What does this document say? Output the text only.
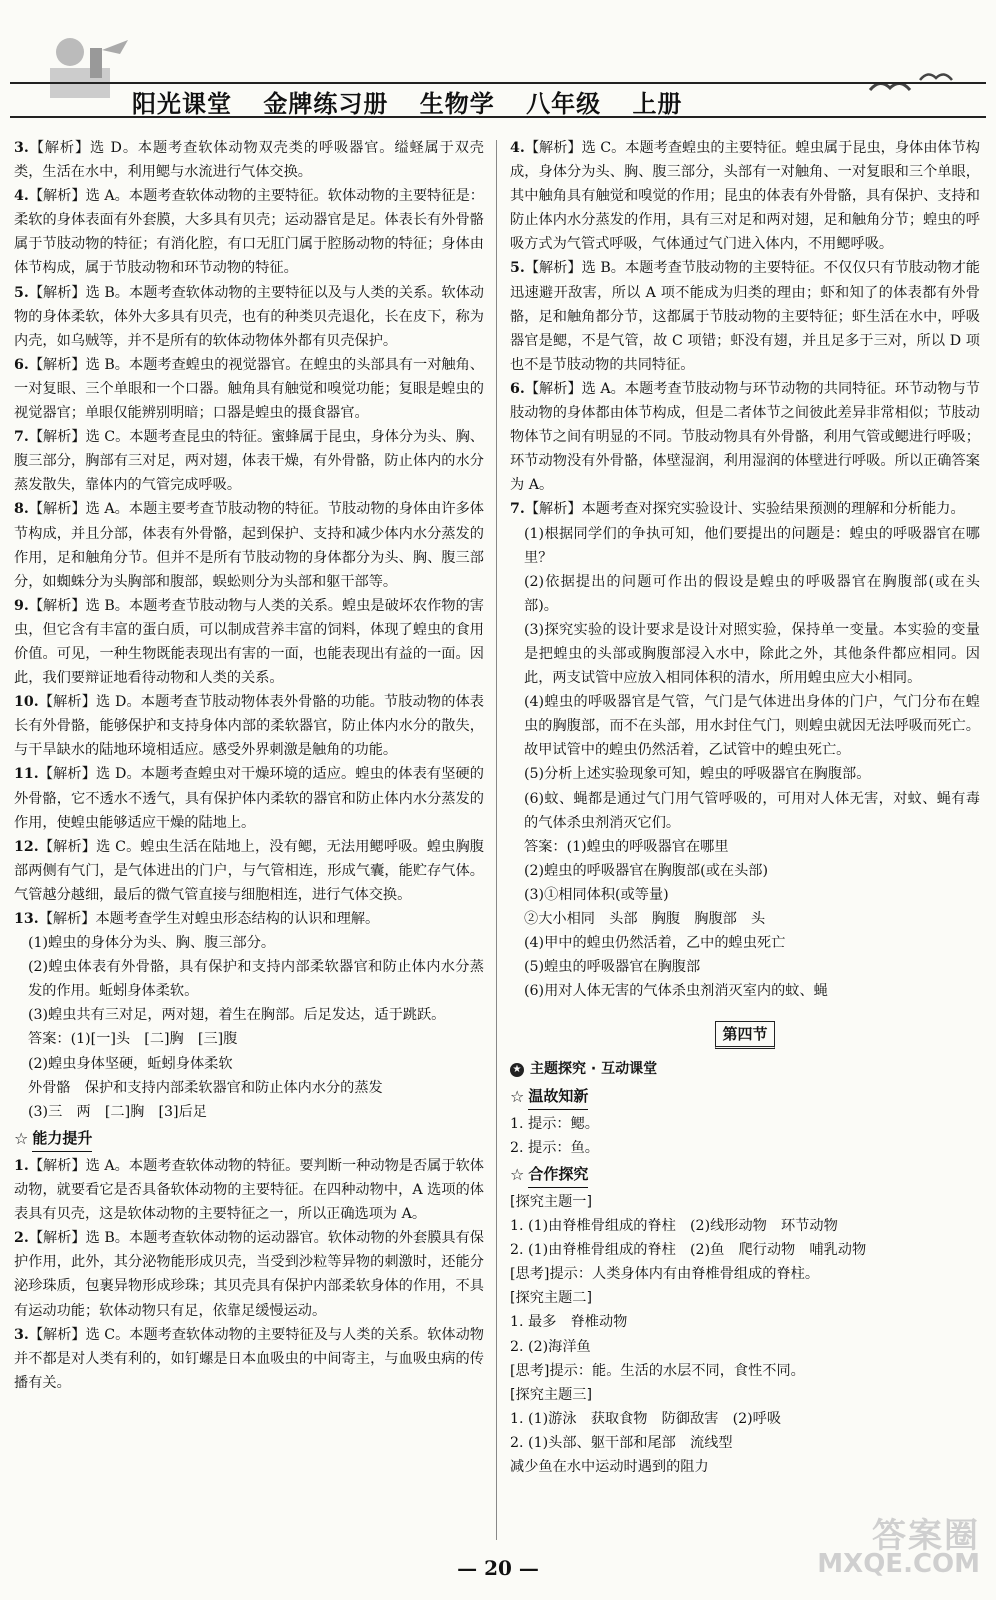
阳光课堂 金牌练习册 生物学 八年级 上册

3.【解析】选 D。本题考查软体动物双壳类的呼吸器官。缢蛏属于双壳类，生活在水中，利用鳃与水流进行气体交换。

4.【解析】选 A。本题考查软体动物的主要特征。软体动物的主要特征是：柔软的身体表面有外套膜，大多具有贝壳；运动器官是足。体表长有外骨骼属于节肢动物的特征；有消化腔，有口无肛门属于腔肠动物的特征；身体由体节构成，属于节肢动物和环节动物的特征。

5.【解析】选 B。本题考查软体动物的主要特征以及与人类的关系。软体动物的身体柔软，体外大多具有贝壳，也有的种类贝壳退化，长在皮下，称为内壳，如乌贼等，并不是所有的软体动物体外都有贝壳保护。

6.【解析】选 B。本题考查蝗虫的视觉器官。在蝗虫的头部具有一对触角、一对复眼、三个单眼和一个口器。触角具有触觉和嗅觉功能；复眼是蝗虫的视觉器官；单眼仅能辨别明暗；口器是蝗虫的摄食器官。

7.【解析】选 C。本题考查昆虫的特征。蜜蜂属于昆虫，身体分为头、胸、腹三部分，胸部有三对足，两对翅，体表干燥，有外骨骼，防止体内的水分蒸发散失，靠体内的气管完成呼吸。

8.【解析】选 A。本题主要考查节肢动物的特征。节肢动物的身体由许多体节构成，并且分部，体表有外骨骼，起到保护、支持和减少体内水分蒸发的作用，足和触角分节。但并不是所有节肢动物的身体都分为头、胸、腹三部分，如蜘蛛分为头胸部和腹部，蜈蚣则分为头部和躯干部等。

9.【解析】选 B。本题考查节肢动物与人类的关系。蝗虫是破坏农作物的害虫，但它含有丰富的蛋白质，可以制成营养丰富的饲料，体现了蝗虫的食用价值。可见，一种生物既能表现出有害的一面，也能表现出有益的一面。因此，我们要辩证地看待动物和人类的关系。

10.【解析】选 D。本题考查节肢动物体表外骨骼的功能。节肢动物的体表长有外骨骼，能够保护和支持身体内部的柔软器官，防止体内水分的散失，与干旱缺水的陆地环境相适应。感受外界刺激是触角的功能。

11.【解析】选 D。本题考查蝗虫对干燥环境的适应。蝗虫的体表有坚硬的外骨骼，它不透水不透气，具有保护体内柔软的器官和防止体内水分蒸发的作用，使蝗虫能够适应干燥的陆地上。

12.【解析】选 C。蝗虫生活在陆地上，没有鳃，无法用鳃呼吸。蝗虫胸腹部两侧有气门，是气体进出的门户，与气管相连，形成气囊，能贮存气体。气管越分越细，最后的微气管直接与细胞相连，进行气体交换。

13.【解析】本题考查学生对蝗虫形态结构的认识和理解。

(1)蝗虫的身体分为头、胸、腹三部分。

(2)蝗虫体表有外骨骼，具有保护和支持内部柔软器官和防止体内水分蒸发的作用。蚯蚓身体柔软。

(3)蝗虫共有三对足，两对翅，着生在胸部。后足发达，适于跳跃。

答案：(1)[一]头　[二]胸　[三]腹

(2)蝗虫身体坚硬，蚯蚓身体柔软

外骨骼　保护和支持内部柔软器官和防止体内水分的蒸发

(3)三　两　[二]胸　[3]后足

☆ 能力提升

1.【解析】选 A。本题考查软体动物的特征。要判断一种动物是否属于软体动物，就要看它是否具备软体动物的主要特征。在四种动物中，A 选项的体表具有贝壳，这是软体动物的主要特征之一，所以正确选项为 A。

2.【解析】选 B。本题考查软体动物的运动器官。软体动物的外套膜具有保护作用，此外，其分泌物能形成贝壳，当受到沙粒等异物的刺激时，还能分泌珍珠质，包裹异物形成珍珠；其贝壳具有保护内部柔软身体的作用，不具有运动功能；软体动物只有足，依靠足缓慢运动。

3.【解析】选 C。本题考查软体动物的主要特征及与人类的关系。软体动物并不都是对人类有利的，如钉螺是日本血吸虫的中间寄主，与血吸虫病的传播有关。

4.【解析】选 C。本题考查蝗虫的主要特征。蝗虫属于昆虫，身体由体节构成，身体分为头、胸、腹三部分，头部有一对触角、一对复眼和三个单眼，其中触角具有触觉和嗅觉的作用；昆虫的体表有外骨骼，具有保护、支持和防止体内水分蒸发的作用，具有三对足和两对翅，足和触角分节；蝗虫的呼吸方式为气管式呼吸，气体通过气门进入体内，不用鳃呼吸。

5.【解析】选 B。本题考查节肢动物的主要特征。不仅仅只有节肢动物才能迅速避开敌害，所以 A 项不能成为归类的理由；虾和知了的体表都有外骨骼，足和触角都分节，这都属于节肢动物的主要特征；虾生活在水中，呼吸器官是鳃，不是气管，故 C 项错；虾没有翅，并且足多于三对，所以 D 项也不是节肢动物的共同特征。

6.【解析】选 A。本题考查节肢动物与环节动物的共同特征。环节动物与节肢动物的身体都由体节构成，但是二者体节之间彼此差异非常相似；节肢动物体节之间有明显的不同。节肢动物具有外骨骼，利用气管或鳃进行呼吸；环节动物没有外骨骼，体壁湿润，利用湿润的体壁进行呼吸。所以正确答案为 A。

7.【解析】本题考查对探究实验设计、实验结果预测的理解和分析能力。

(1)根据同学们的争执可知，他们要提出的问题是：蝗虫的呼吸器官在哪里？

(2)依据提出的问题可作出的假设是蝗虫的呼吸器官在胸腹部(或在头部)。

(3)探究实验的设计要求是设计对照实验，保持单一变量。本实验的变量是把蝗虫的头部或胸腹部浸入水中，除此之外，其他条件都应相同。因此，两支试管中应放入相同体积的清水，所用蝗虫应大小相同。

(4)蝗虫的呼吸器官是气管，气门是气体进出身体的门户，气门分布在蝗虫的胸腹部，而不在头部，用水封住气门，则蝗虫就因无法呼吸而死亡。故甲试管中的蝗虫仍然活着，乙试管中的蝗虫死亡。

(5)分析上述实验现象可知，蝗虫的呼吸器官在胸腹部。

(6)蚊、蝇都是通过气门用气管呼吸的，可用对人体无害，对蚊、蝇有毒的气体杀虫剂消灭它们。

答案：(1)蝗虫的呼吸器官在哪里

(2)蝗虫的呼吸器官在胸腹部(或在头部)

(3)①相同体积(或等量)

②大小相同　头部　胸腹　胸腹部　头

(4)甲中的蝗虫仍然活着，乙中的蝗虫死亡

(5)蝗虫的呼吸器官在胸腹部

(6)用对人体无害的气体杀虫剂消灭室内的蚊、蝇

第四节
★ 主题探究 · 互动课堂
☆ 温故知新

1. 提示：鳃。

2. 提示：鱼。

☆ 合作探究

[探究主题一]

1. (1)由脊椎骨组成的脊柱　(2)线形动物　环节动物

2. (1)由脊椎骨组成的脊柱　(2)鱼　爬行动物　哺乳动物

[思考]提示：人类身体内有由脊椎骨组成的脊柱。

[探究主题二]

1. 最多　脊椎动物

2. (2)海洋鱼

[思考]提示：能。生活的水层不同，食性不同。

[探究主题三]

1. (1)游泳　获取食物　防御敌害　(2)呼吸

2. (1)头部、躯干部和尾部　流线型

减少鱼在水中运动时遇到的阻力

— 20 —
答案圈
MXQE.COM
